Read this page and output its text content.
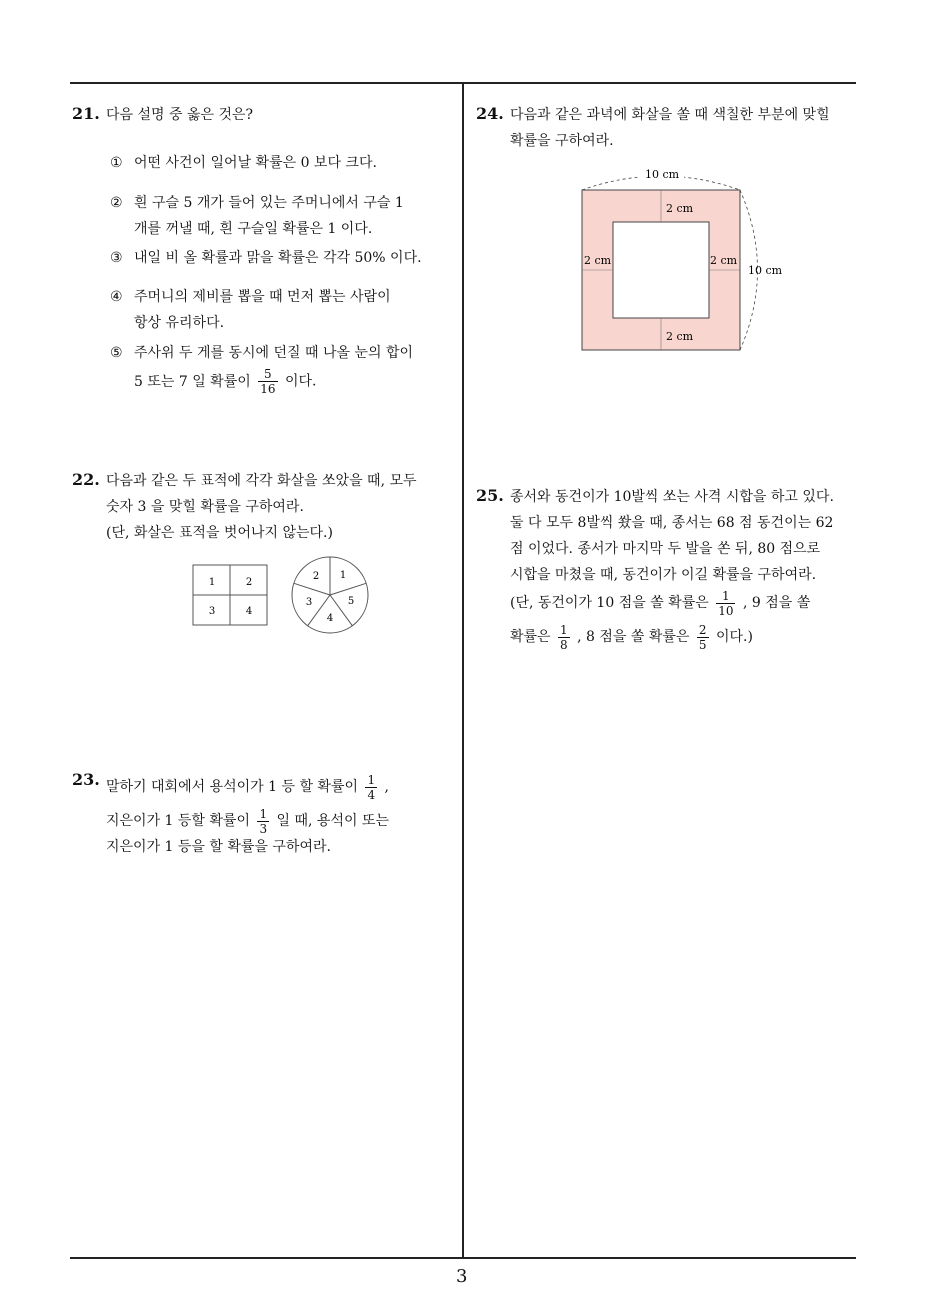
3
21. 다음 설명 중 옳은 것은?
① 어떤 사건이 일어날 확률은 0 보다 크다.
② 흰 구슬 5 개가 들어 있는 주머니에서 구슬 1
개를 꺼낼 때, 흰 구슬일 확률은 1 이다.
③ 내일 비 올 확률과 맑을 확률은 각각 50% 이다.
④ 주머니의 제비를 뽑을 때 먼저 뽑는 사람이
항상 유리하다.
⑤ 주사위 두 게를 동시에 던질 때 나올 눈의 합이
5 또는 7 일 확률이 $\frac{5}{16}$ 이다.
22. 다음과 같은 두 표적에 각각 화살을 쏘았을 때, 모두
숫자 3 을 맞힐 확률을 구하여라.
(단, 화살은 표적을 벗어나지 않는다.)
1	2
3	4
1
5
4
3
2
23. 말하기 대회에서 용석이가 1 등 할 확률이 $\frac{1}{4}$ ,
지은이가 1 등할 확률이 $\frac{1}{3}$ 일 때, 용석이 또는
지은이가 1 등을 할 확률을 구하여라.
24. 다음과 같은 과녁에 화살을 쏠 때 색칠한 부분에 맞힐
확률을 구하여라.
10 cm
10 cm
2 cm
2 cm	2 cm
2 cm
25. 종서와 동건이가 10발씩 쏘는 사격 시합을 하고 있다.
둘 다 모두 8발씩 쐈을 때, 종서는 68 점 동건이는 62
점 이었다. 종서가 마지막 두 발을 쏜 뒤, 80 점으로
시합을 마쳤을 때, 동건이가 이길 확률을 구하여라.
(단, 동건이가 10 점을 쏠 확률은 $\frac{1}{10}$ , 9 점을 쏠
확률은 $\frac{1}{8}$ , 8 점을 쏠 확률은 $\frac{2}{5}$ 이다.)
